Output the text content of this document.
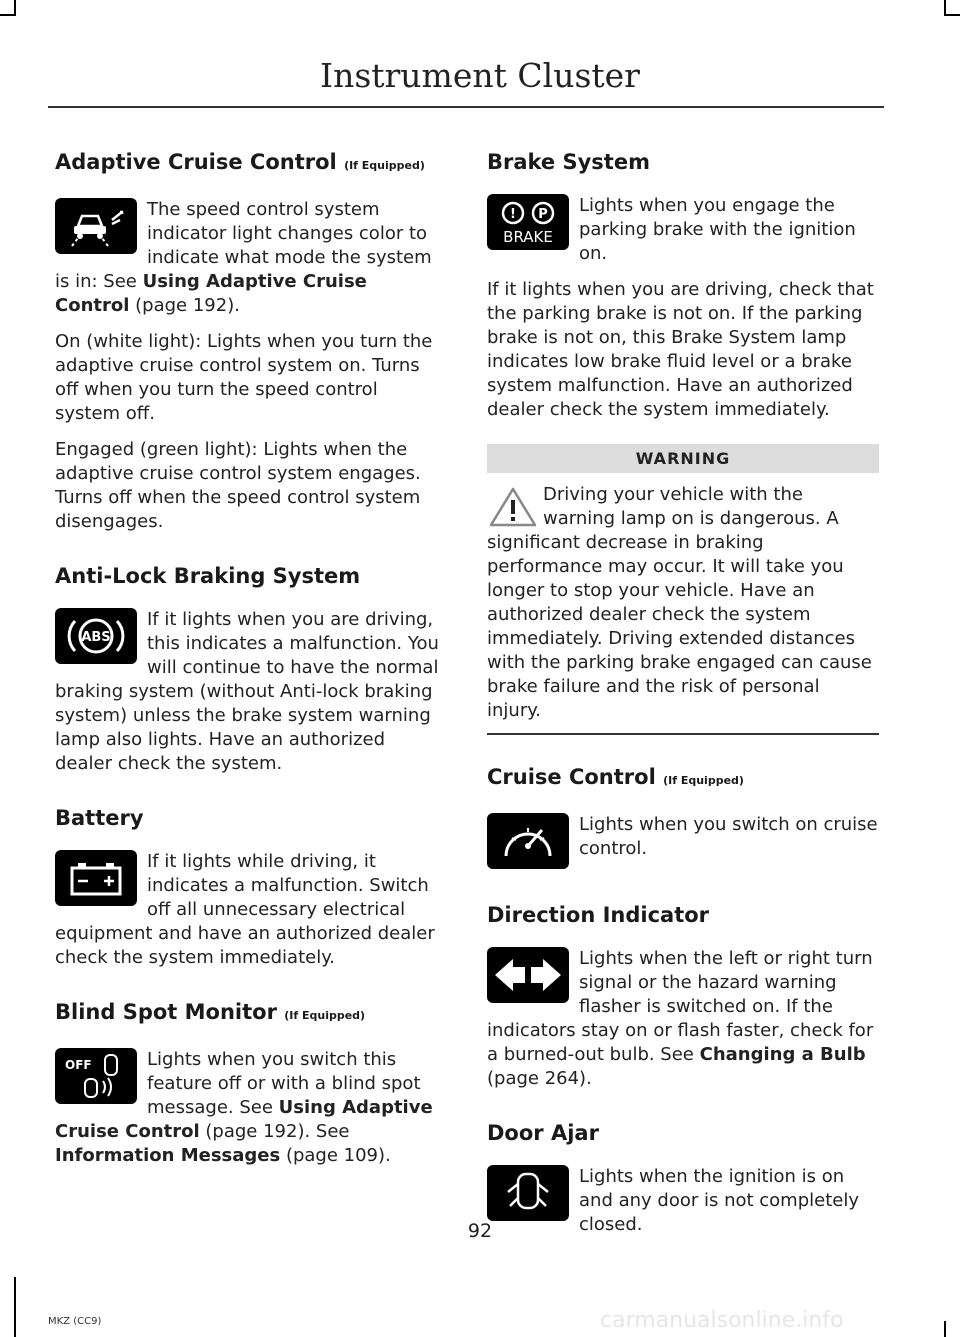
Instrument Cluster
Adaptive Cruise Control (If Equipped)

The speed control system indicator light changes color to indicate what mode the system is in: See Using Adaptive Cruise Control (page 192).

On (white light): Lights when you turn the adaptive cruise control system on. Turns off when you turn the speed control system off.

Engaged (green light): Lights when the adaptive cruise control system engages. Turns off when the speed control system disengages.

Anti-Lock Braking System
ABS

If it lights when you are driving, this indicates a malfunction. You will continue to have the normal braking system (without Anti-lock braking system) unless the brake system warning lamp also lights. Have an authorized dealer check the system.

Battery

If it lights while driving, it indicates a malfunction. Switch off all unnecessary electrical equipment and have an authorized dealer check the system immediately.

Blind Spot Monitor (If Equipped)
OFF	Lights when you switch this feature off or with a blind spot message. See Using Adaptive Cruise Control (page 192). See Information Messages (page 109).

Brake System
! P
BRAKE

Lights when you engage the parking brake with the ignition on.

If it lights when you are driving, check that the parking brake is not on. If the parking brake is not on, this Brake System lamp indicates low brake fluid level or a brake system malfunction. Have an authorized dealer check the system immediately.

WARNING

Driving your vehicle with the warning lamp on is dangerous. A significant decrease in braking performance may occur. It will take you longer to stop your vehicle. Have an authorized dealer check the system immediately. Driving extended distances with the parking brake engaged can cause brake failure and the risk of personal injury.

Cruise Control (If Equipped)

Lights when you switch on cruise control.

Direction Indicator

Lights when the left or right turn signal or the hazard warning flasher is switched on. If the indicators stay on or flash faster, check for a burned-out bulb. See Changing a Bulb (page 264).

Door Ajar

Lights when the ignition is on and any door is not completely closed.

92
MKZ (CC9)	carmanualsonline.info
